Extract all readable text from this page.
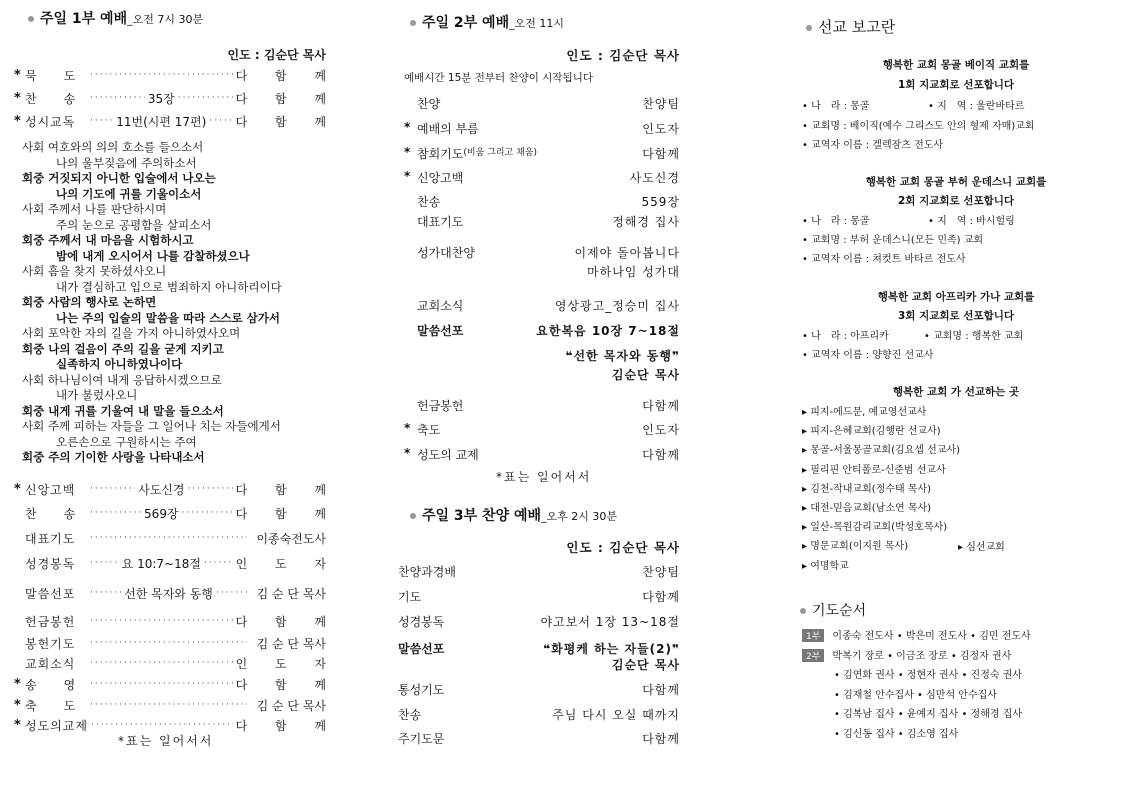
주일 1부 예배_오전 7시 30분
인도 : 김순단 목사
* 묵　　도 ·····	다 함 께
* 찬　　송 ·····	35장 ·····	다 함 께
* 성시교독 ·····	11번(시편 17편) ····· 다 함 께
사회 여호와의 의의 호소를 들으소서
나의 울부짖음에 주의하소서
회중 거짓되지 아니한 입술에서 나오는
나의 기도에 귀를 기울이소서
사회 주께서 나를 판단하시며
주의 눈으로 공평함을 살피소서
회중 주께서 내 마음을 시험하시고
밤에 내게 오시어서 나를 감찰하셨으나
사회 흠을 찾지 못하셨사오니
내가 결심하고 입으로 범죄하지 아니하리이다
회중 사람의 행사로 논하면
나는 주의 입술의 말씀을 따라 스스로 삼가서
사회 포악한 자의 길을 가지 아니하였사오며
회중 나의 걸음이 주의 길을 굳게 지키고
실족하지 아니하였나이다
사회 하나님이여 내게 응답하시겠으므로
내가 불렀사오니
회중 내게 귀를 기울여 내 말을 들으소서
사회 주께 피하는 자들을 그 일어나 치는 자들에게서
오른손으로 구원하시는 주여
회중 주의 기이한 사랑을 나타내소서
* 신앙고백 ·····	사도신경 ·····	다 함 께
찬　　송 ·····	569장 ·····	다 함 께
대표기도 ·····	이종숙전도사
성경봉독 ·····	요 10:7~18절 ·····	인 도 자
말씀선포 ·····	선한 목자와 동행 ·····	김 순 단 목사
헌금봉헌 ·····	다 함 께
봉헌기도 ·····	김 순 단 목사
교회소식 ·····	인 도 자
* 송　　영 ·····	다 함 께
* 축　　도 ·····	김 순 단 목사
* 성도의교제 ·····	다 함 께
*표는 일어서서
주일 2부 예배_오전 11시
인도 : 김순단 목사
예배시간 15분 전부터 찬양이 시작됩니다
찬양	찬양팀
* 예배의 부름	인도자
* 참회기도 (비움 그리고 채움)	다함께
* 신앙고백	사도신경
찬송	559장
대표기도	정해경 집사
성가대찬양	이제야 돌아봅니다
마하나임 성가대
교회소식	영상광고_정승미 집사
말씀선포	요한복음 10장 7~18절
❝선한 목자와 동행❞
김순단 목사
헌금봉헌	다함께
* 축도	인도자
* 성도의 교제	다함께
*표는 일어서서
주일 3부 찬양 예배_오후 2시 30분
인도 : 김순단 목사
찬양과경배	찬양팀
기도	다함께
성경봉독	야고보서 1장 13~18절
말씀선포	❝화평케 하는 자들(2)❞
김순단 목사
통성기도	다함께
찬송	주님 다시 오실 때까지
주기도문	다함께
선교 보고란
행복한 교회 몽골 베이직 교회를
1회 지교회로 선포합니다
• 나　라 : 몽골	• 지　역 : 울란바타르
• 교회명 : 베이직(예수 그리스도 안의 형제 자매)교회
• 교역자 이름 : 겔렉잠츠 전도사
행복한 교회 몽골 부허 운데스니 교회를
2회 지교회로 선포합니다
• 나　라 : 몽골	• 지　역 : 바시헐링
• 교회명 : 부허 운데스니(모든 민족) 교회
• 교역자 이름 : 쳐컷트 바타르 전도사
행복한 교회 아프리카 가나 교회를
3회 지교회로 선포합니다
• 나　라 : 아프리카	• 교회명 : 행복한 교회
• 교역자 이름 : 양향진 선교사
행복한 교회 가 선교하는 곳
▸ 피지-에드문, 예교영선교사
▸ 피지-은혜교회(김행란 선교사)
▸ 몽골-서울몽골교회(김요셉 선교사)
▸ 필리핀 안티폴로-신준범 선교사
▸ 김천-작내교회(정수태 목사)
▸ 대전-믿음교회(남소연 목사)
▸ 일산-목원감리교회(박성호목사)
▸ 명문교회(이지원 목사)
▸ 여명학교
▸ 심선교회
기도순서
1부 이종숙 전도사 • 박은미 전도사 • 김민 전도사
2부 박복기 장로 • 이금조 장로 • 김정자 권사
• 김연화 권사 • 정현자 권사 • 진정숙 권사
• 김재철 안수집사 • 심만석 안수집사
• 김복남 집사 • 윤예지 집사 • 정해경 집사
• 김신동 집사 • 김소영 집사
